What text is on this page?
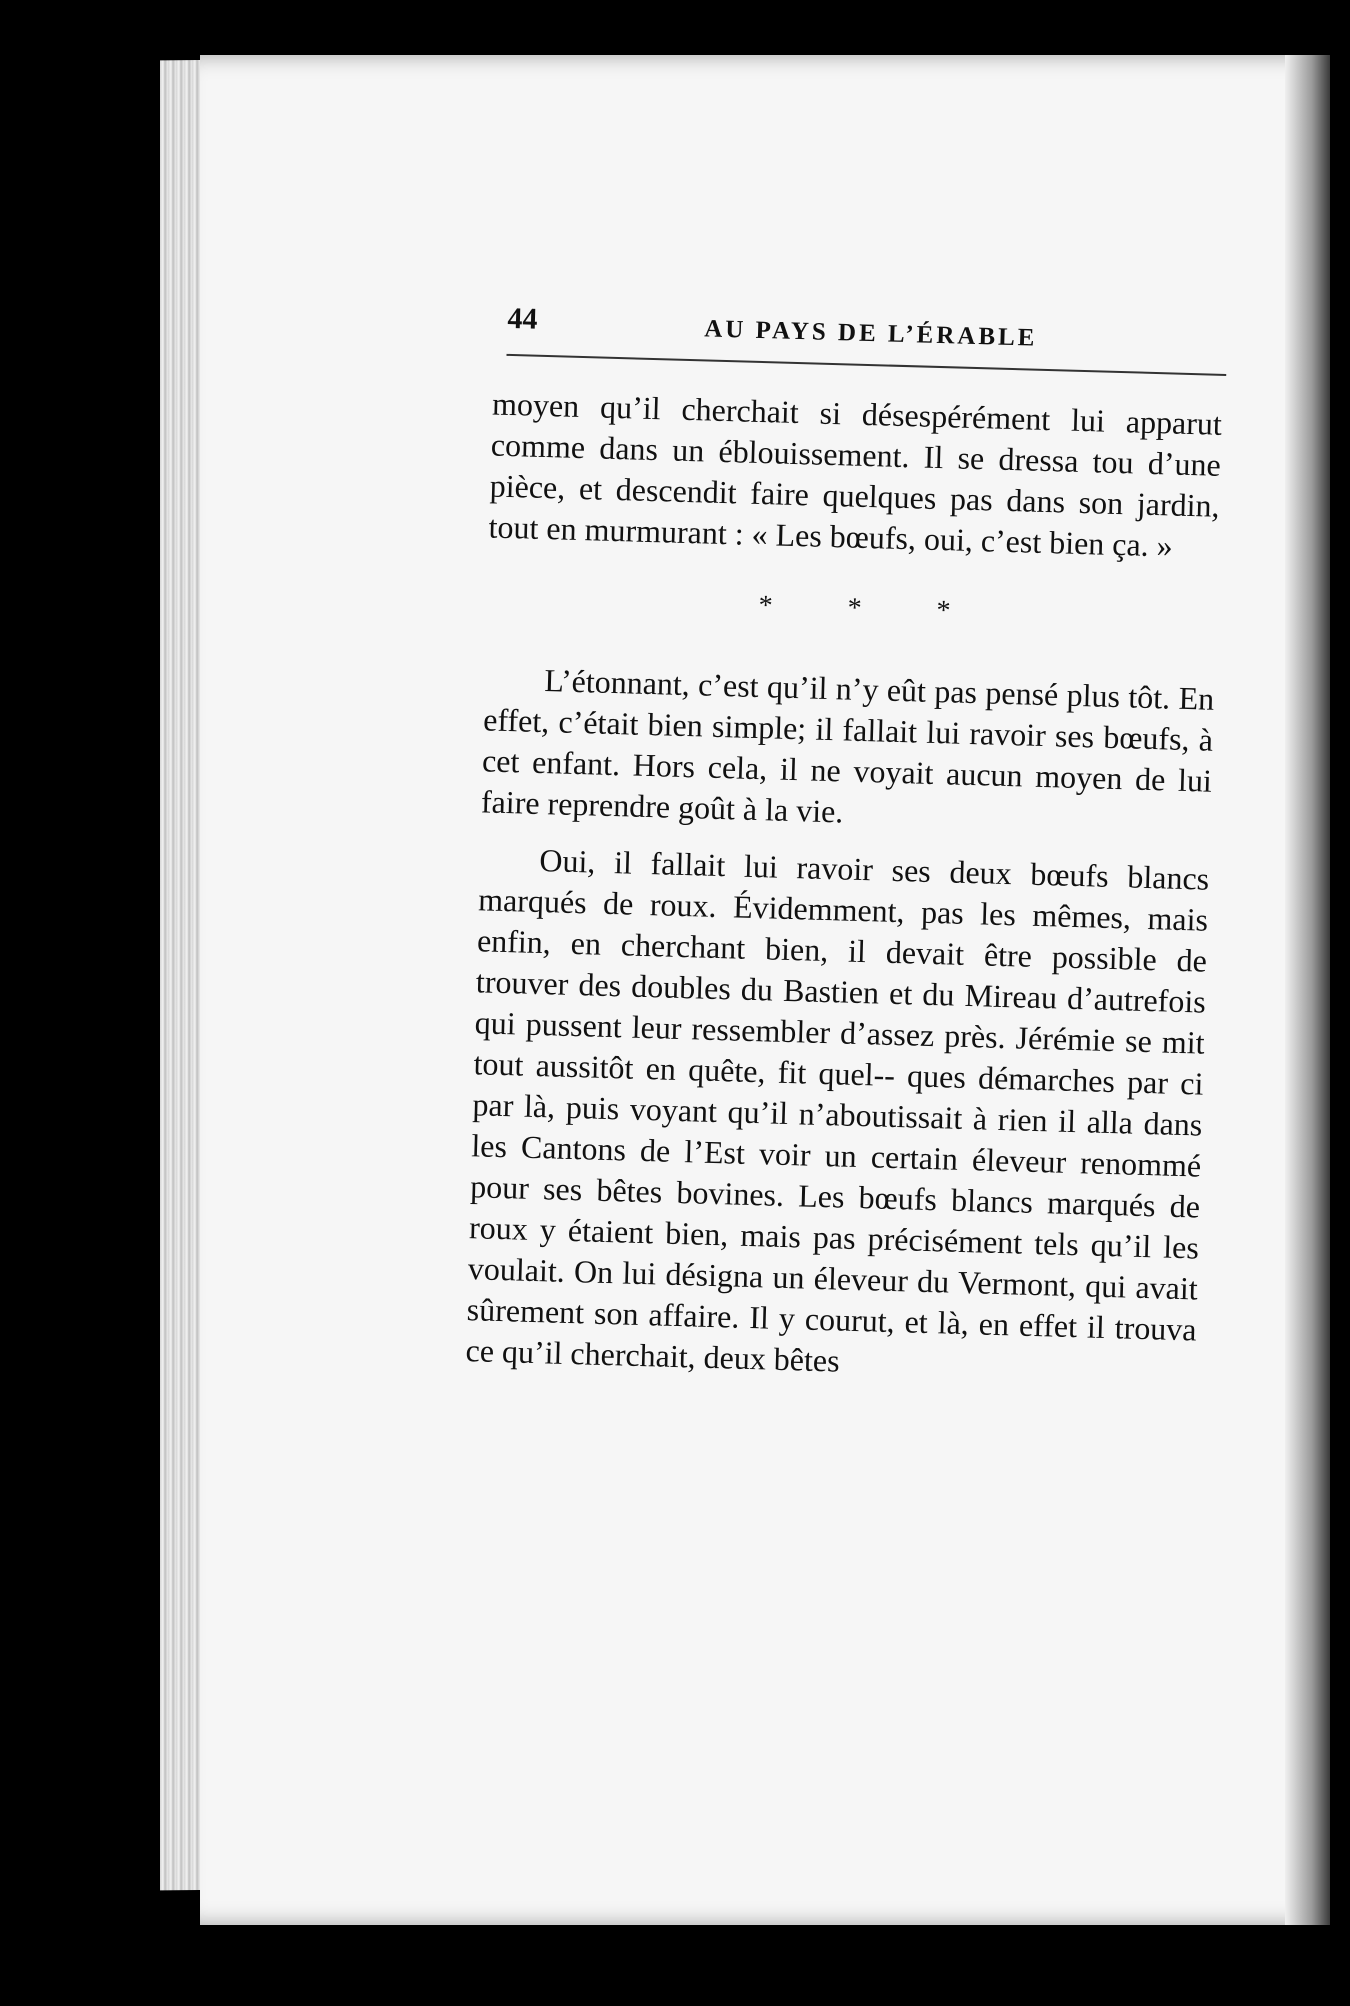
44	AU PAYS DE L’ÉRABLE

moyen qu’il cherchait si désespérément lui apparut comme dans un éblouissement. Il se dressa tou d’une pièce, et descendit faire quelques pas dans son jardin, tout en murmurant : « Les bœufs, oui, c’est bien ça. »

* * *

L’étonnant, c’est qu’il n’y eût pas pensé plus tôt. En effet, c’était bien simple; il fallait lui ravoir ses bœufs, à cet enfant. Hors cela, il ne voyait aucun moyen de lui faire reprendre goût à la vie.

Oui, il fallait lui ravoir ses deux bœufs blancs marqués de roux. Évidemment, pas les mêmes, mais enfin, en cherchant bien, il devait être possible de trouver des doubles du Bastien et du Mireau d’autrefois qui pussent leur ressembler d’assez près. Jérémie se mit tout aussitôt en quête, fit quel-- ques démarches par ci par là, puis voyant qu’il n’aboutissait à rien il alla dans les Cantons de l’Est voir un certain éleveur renommé pour ses bêtes bovines. Les bœufs blancs marqués de roux y étaient bien, mais pas précisément tels qu’il les voulait. On lui désigna un éleveur du Vermont, qui avait sûrement son affaire. Il y courut, et là, en effet il trouva ce qu’il cherchait, deux bêtes
